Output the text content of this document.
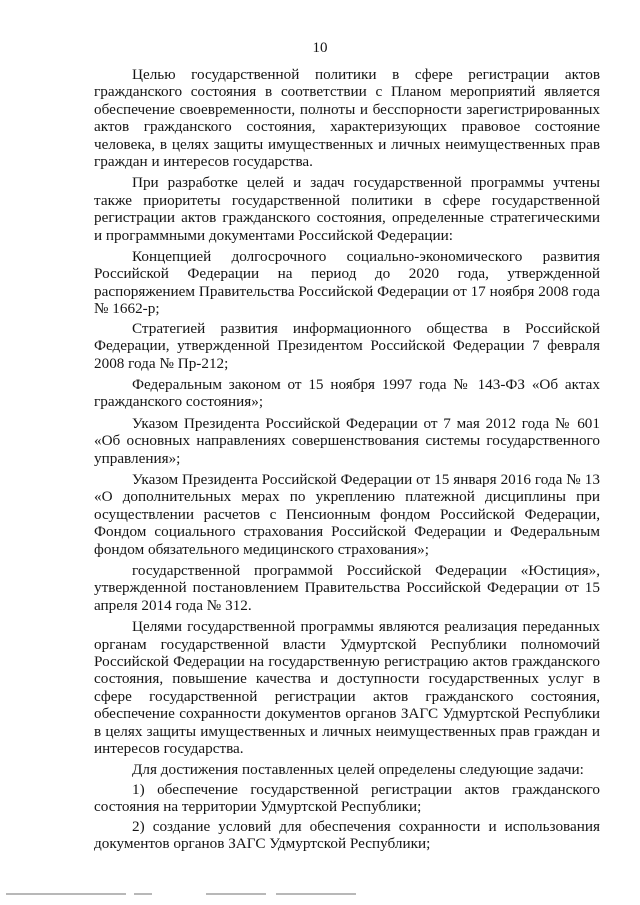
10

Целью государственной политики в сфере регистрации актов гражданского состояния в соответствии с Планом мероприятий является обеспечение своевременности, полноты и бесспорности зарегистрированных актов гражданского состояния, характеризующих правовое состояние человека, в целях защиты имущественных и личных неимущественных прав граждан и интересов государства.

При разработке целей и задач государственной программы учтены также приоритеты государственной политики в сфере государственной регистрации актов гражданского состояния, определенные стратегическими и программными документами Российской Федерации:

Концепцией долгосрочного социально-экономического развития Российской Федерации на период до 2020 года, утвержденной распоряжением Правительства Российской Федерации от 17 ноября 2008 года № 1662-р;

Стратегией развития информационного общества в Российской Федерации, утвержденной Президентом Российской Федерации 7 февраля 2008 года № Пр-212;

Федеральным законом от 15 ноября 1997 года № 143-ФЗ «Об актах гражданского состояния»;

Указом Президента Российской Федерации от 7 мая 2012 года № 601 «Об основных направлениях совершенствования системы государственного управления»;

Указом Президента Российской Федерации от 15 января 2016 года № 13 «О дополнительных мерах по укреплению платежной дисциплины при осуществлении расчетов с Пенсионным фондом Российской Федерации, Фондом социального страхования Российской Федерации и Федеральным фондом обязательного медицинского страхования»;

государственной программой Российской Федерации «Юстиция», утвержденной постановлением Правительства Российской Федерации от 15 апреля 2014 года № 312.

Целями государственной программы являются реализация переданных органам государственной власти Удмуртской Республики полномочий Российской Федерации на государственную регистрацию актов гражданского состояния, повышение качества и доступности государственных услуг в сфере государственной регистрации актов гражданского состояния, обеспечение сохранности документов органов ЗАГС Удмуртской Республики в целях защиты имущественных и личных неимущественных прав граждан и интересов государства.

Для достижения поставленных целей определены следующие задачи:

1) обеспечение государственной регистрации актов гражданского состояния на территории Удмуртской Республики;

2) создание условий для обеспечения сохранности и использования документов органов ЗАГС Удмуртской Республики;
